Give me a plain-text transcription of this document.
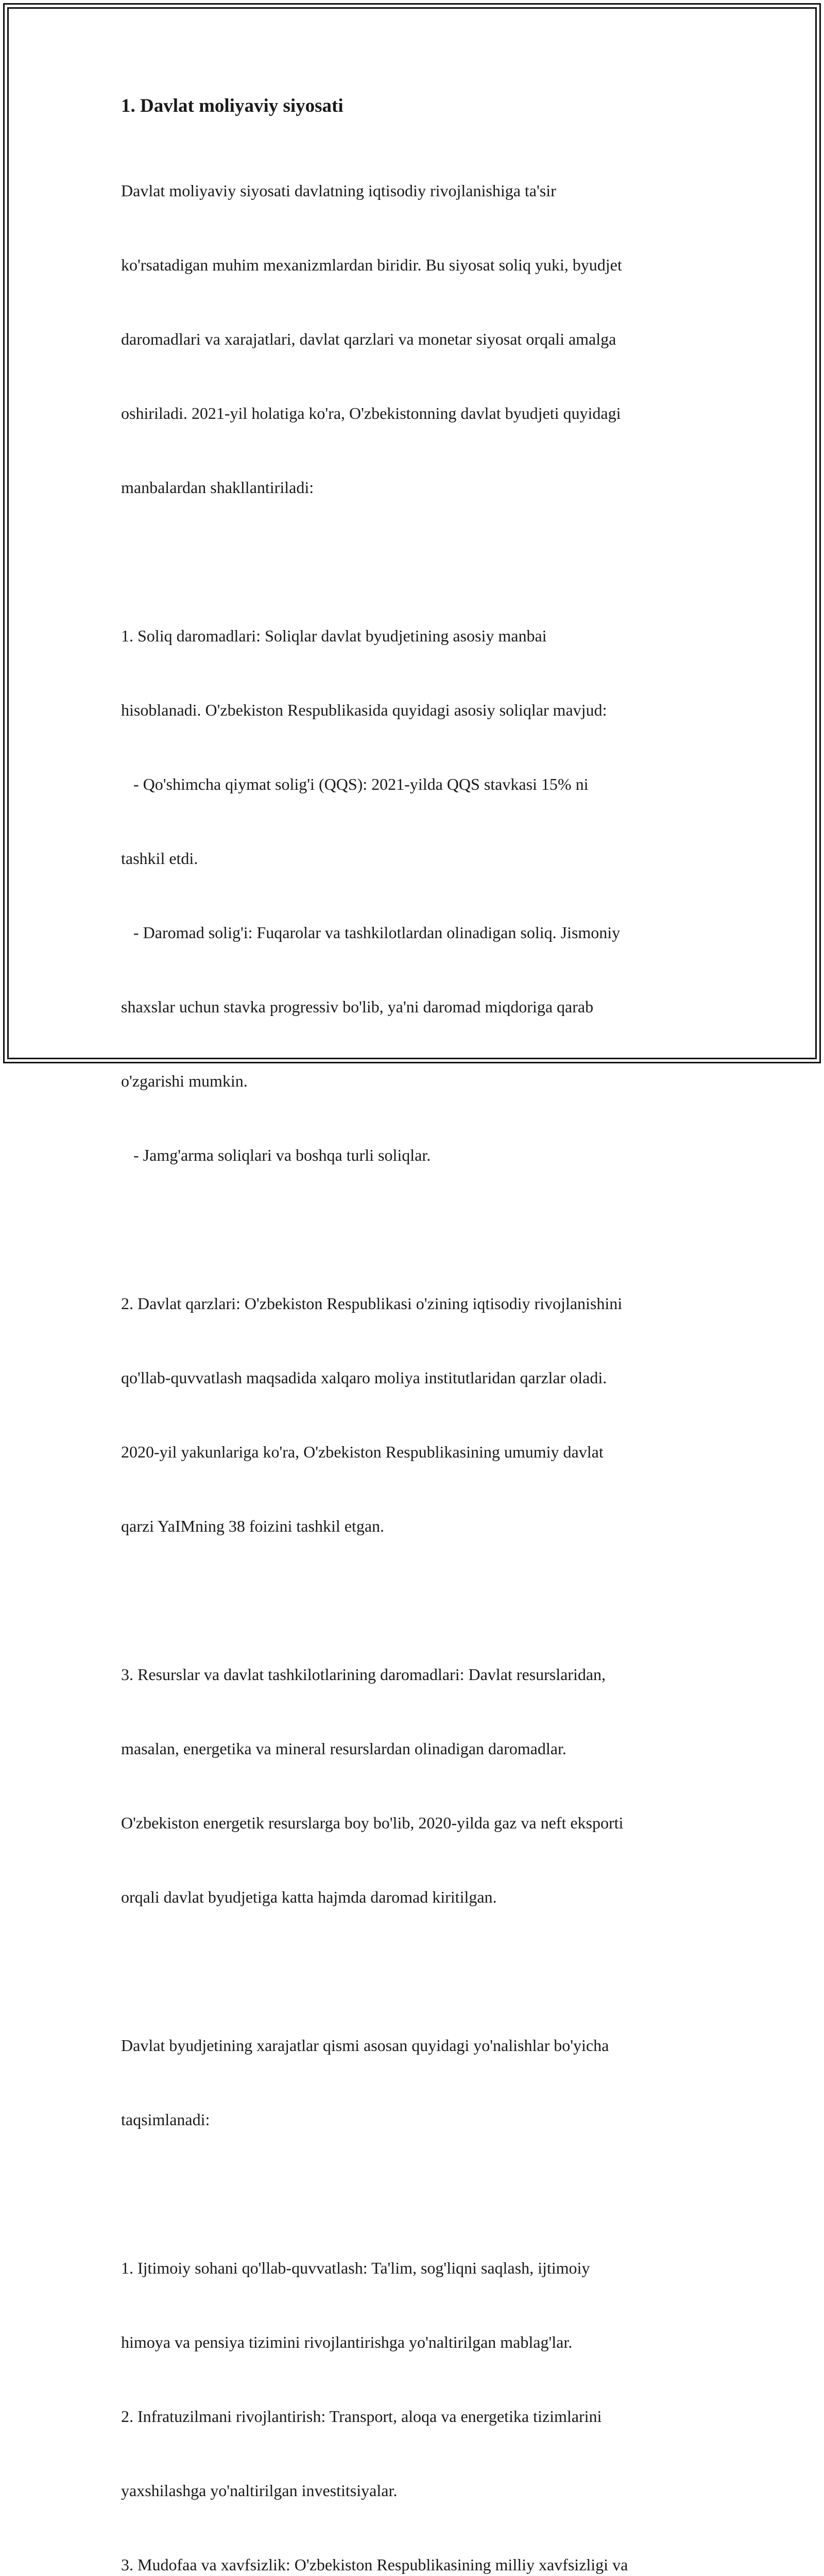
1. Davlat moliyaviy siyosati

Davlat moliyaviy siyosati davlatning iqtisodiy rivojlanishiga ta'sir

ko'rsatadigan muhim mexanizmlardan biridir. Bu siyosat soliq yuki, byudjet

daromadlari va xarajatlari, davlat qarzlari va monetar siyosat orqali amalga

oshiriladi. 2021-yil holatiga ko'ra, O'zbekistonning davlat byudjeti quyidagi

manbalardan shakllantiriladi:

1. Soliq daromadlari: Soliqlar davlat byudjetining asosiy manbai

hisoblanadi. O'zbekiston Respublikasida quyidagi asosiy soliqlar mavjud:

- Qo'shimcha qiymat solig'i (QQS): 2021-yilda QQS stavkasi 15% ni

tashkil etdi.

- Daromad solig'i: Fuqarolar va tashkilotlardan olinadigan soliq. Jismoniy

shaxslar uchun stavka progressiv bo'lib, ya'ni daromad miqdoriga qarab

o'zgarishi mumkin.

- Jamg'arma soliqlari va boshqa turli soliqlar.

2. Davlat qarzlari: O'zbekiston Respublikasi o'zining iqtisodiy rivojlanishini

qo'llab-quvvatlash maqsadida xalqaro moliya institutlaridan qarzlar oladi.

2020-yil yakunlariga ko'ra, O'zbekiston Respublikasining umumiy davlat

qarzi YaIMning 38 foizini tashkil etgan.

3. Resurslar va davlat tashkilotlarining daromadlari: Davlat resurslaridan,

masalan, energetika va mineral resurslardan olinadigan daromadlar.

O'zbekiston energetik resurslarga boy bo'lib, 2020-yilda gaz va neft eksporti

orqali davlat byudjetiga katta hajmda daromad kiritilgan.

Davlat byudjetining xarajatlar qismi asosan quyidagi yo'nalishlar bo'yicha

taqsimlanadi:

1. Ijtimoiy sohani qo'llab-quvvatlash: Ta'lim, sog'liqni saqlash, ijtimoiy

himoya va pensiya tizimini rivojlantirishga yo'naltirilgan mablag'lar.

2. Infratuzilmani rivojlantirish: Transport, aloqa va energetika tizimlarini

yaxshilashga yo'naltirilgan investitsiyalar.

3. Mudofaa va xavfsizlik: O'zbekiston Respublikasining milliy xavfsizligi va
